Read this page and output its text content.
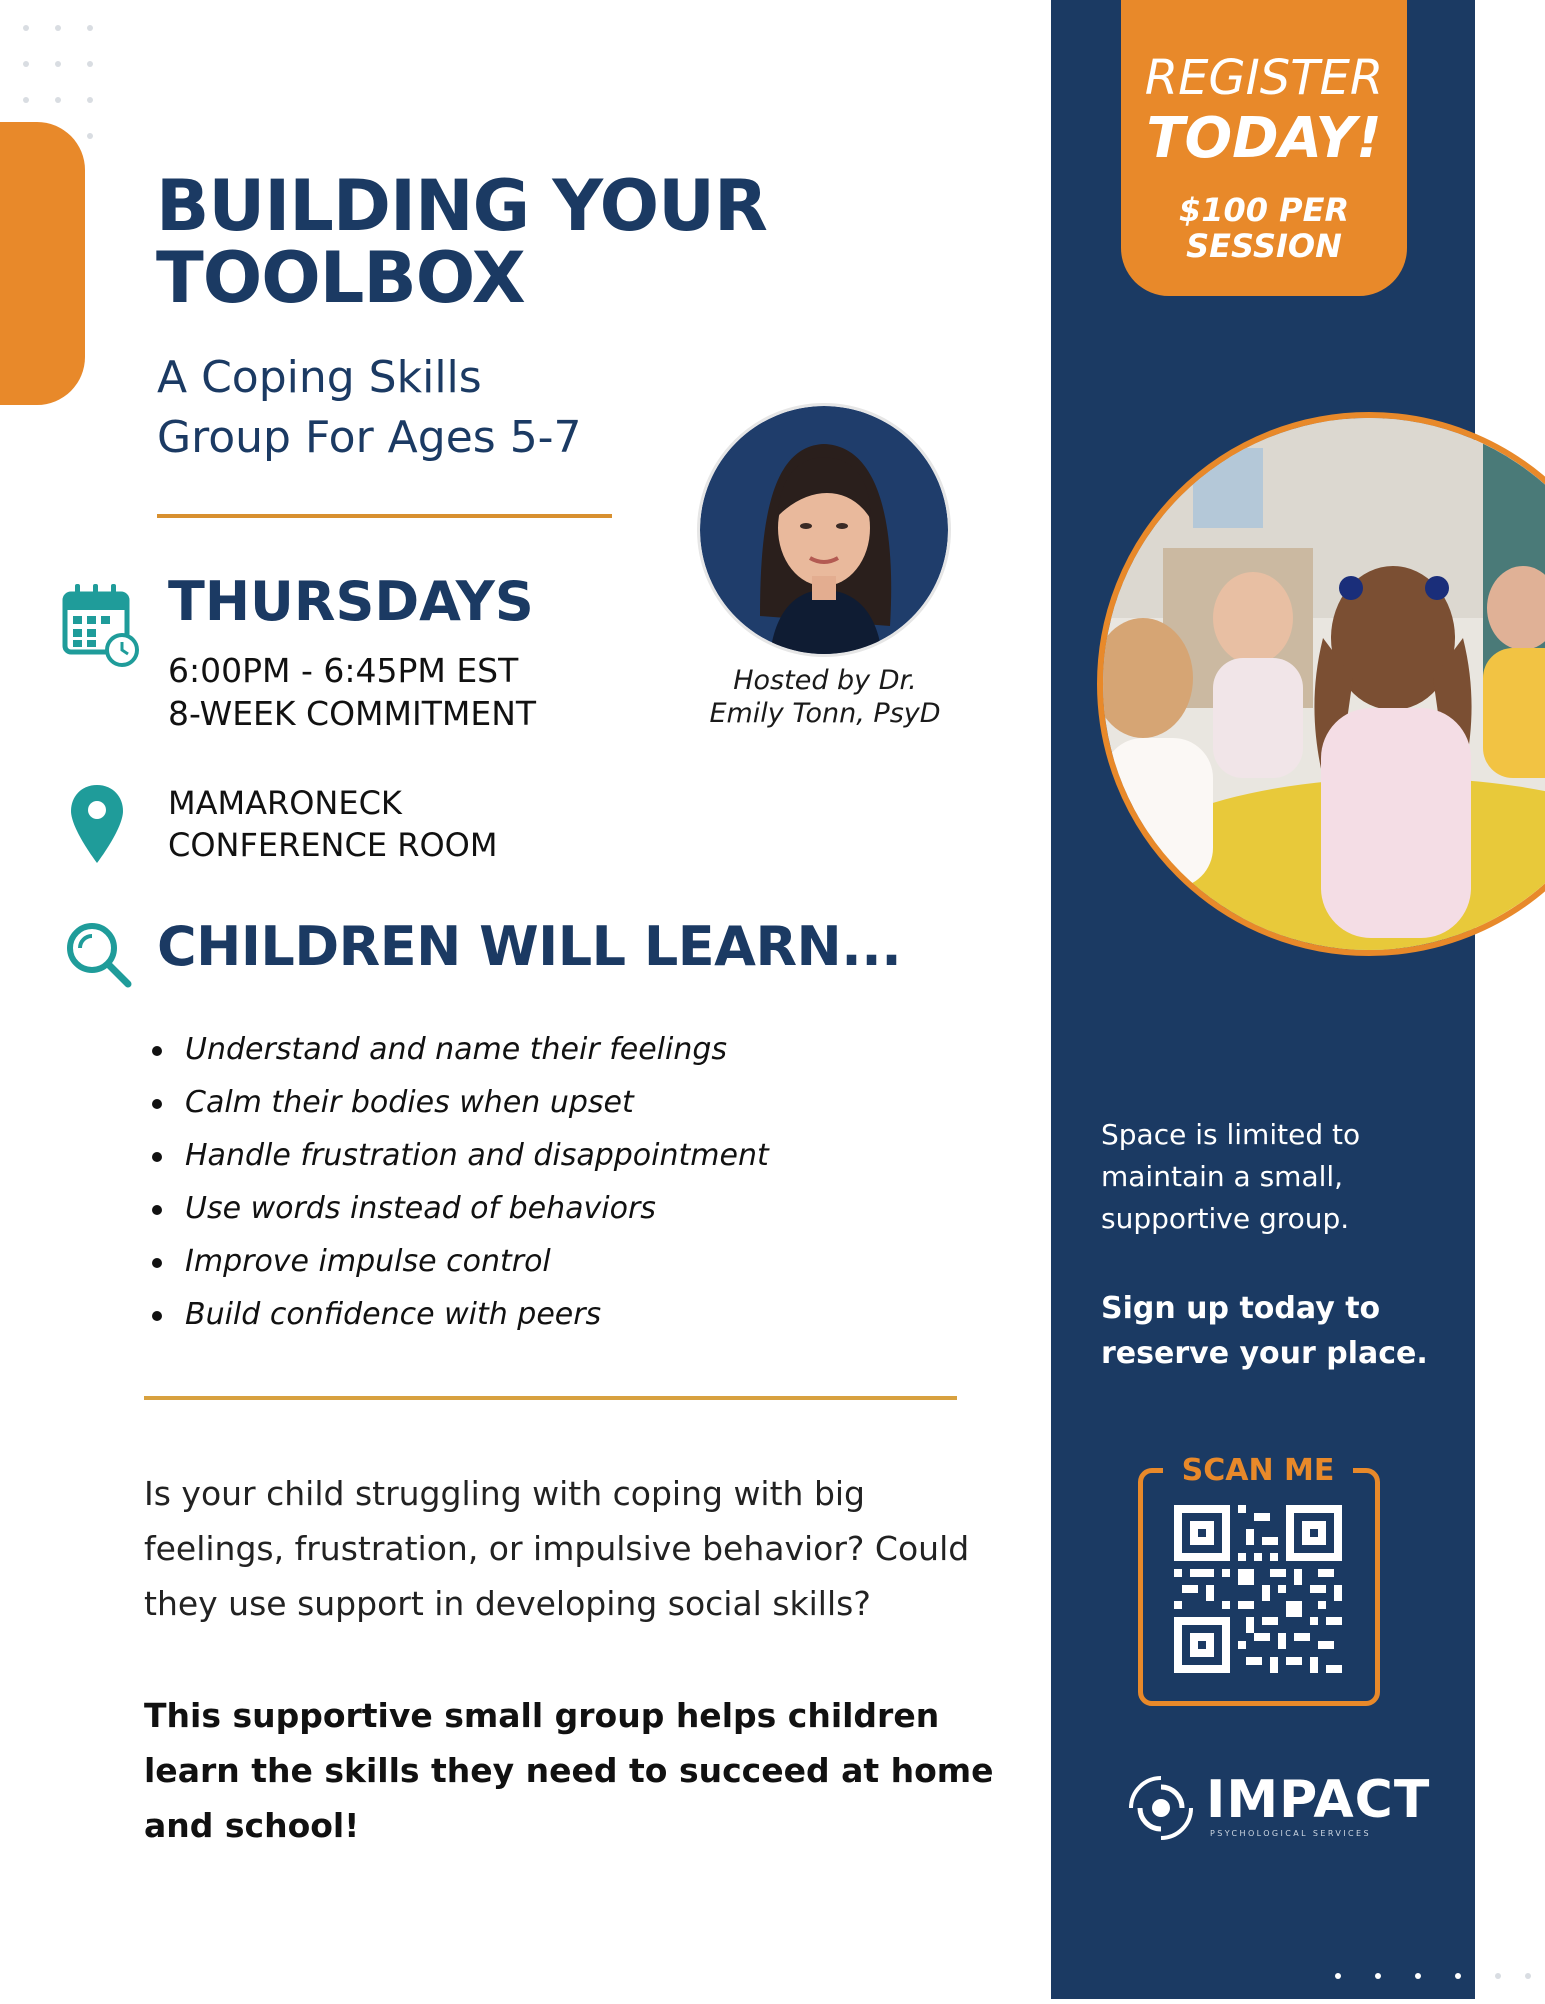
BUILDING YOUR
TOOLBOX
A Coping Skills
Group For Ages 5-7
THURSDAYS
6:00PM - 6:45PM EST
8-WEEK COMMITMENT
Hosted by Dr.
Emily Tonn, PsyD
MAMARONECK
CONFERENCE ROOM
CHILDREN WILL LEARN...
Understand and name their feelings
Calm their bodies when upset
Handle frustration and disappointment
Use words instead of behaviors
Improve impulse control
Build confidence with peers
Is your child struggling with coping with big
feelings, frustration, or impulsive behavior? Could
they use support in developing social skills?
This supportive small group helps children
learn the skills they need to succeed at home
and school!
REGISTER
TODAY!
$100 PER
SESSION
Space is limited to
maintain a small,
supportive group.
Sign up today to
reserve your place.
SCAN ME
IMPACT
PSYCHOLOGICAL SERVICES
